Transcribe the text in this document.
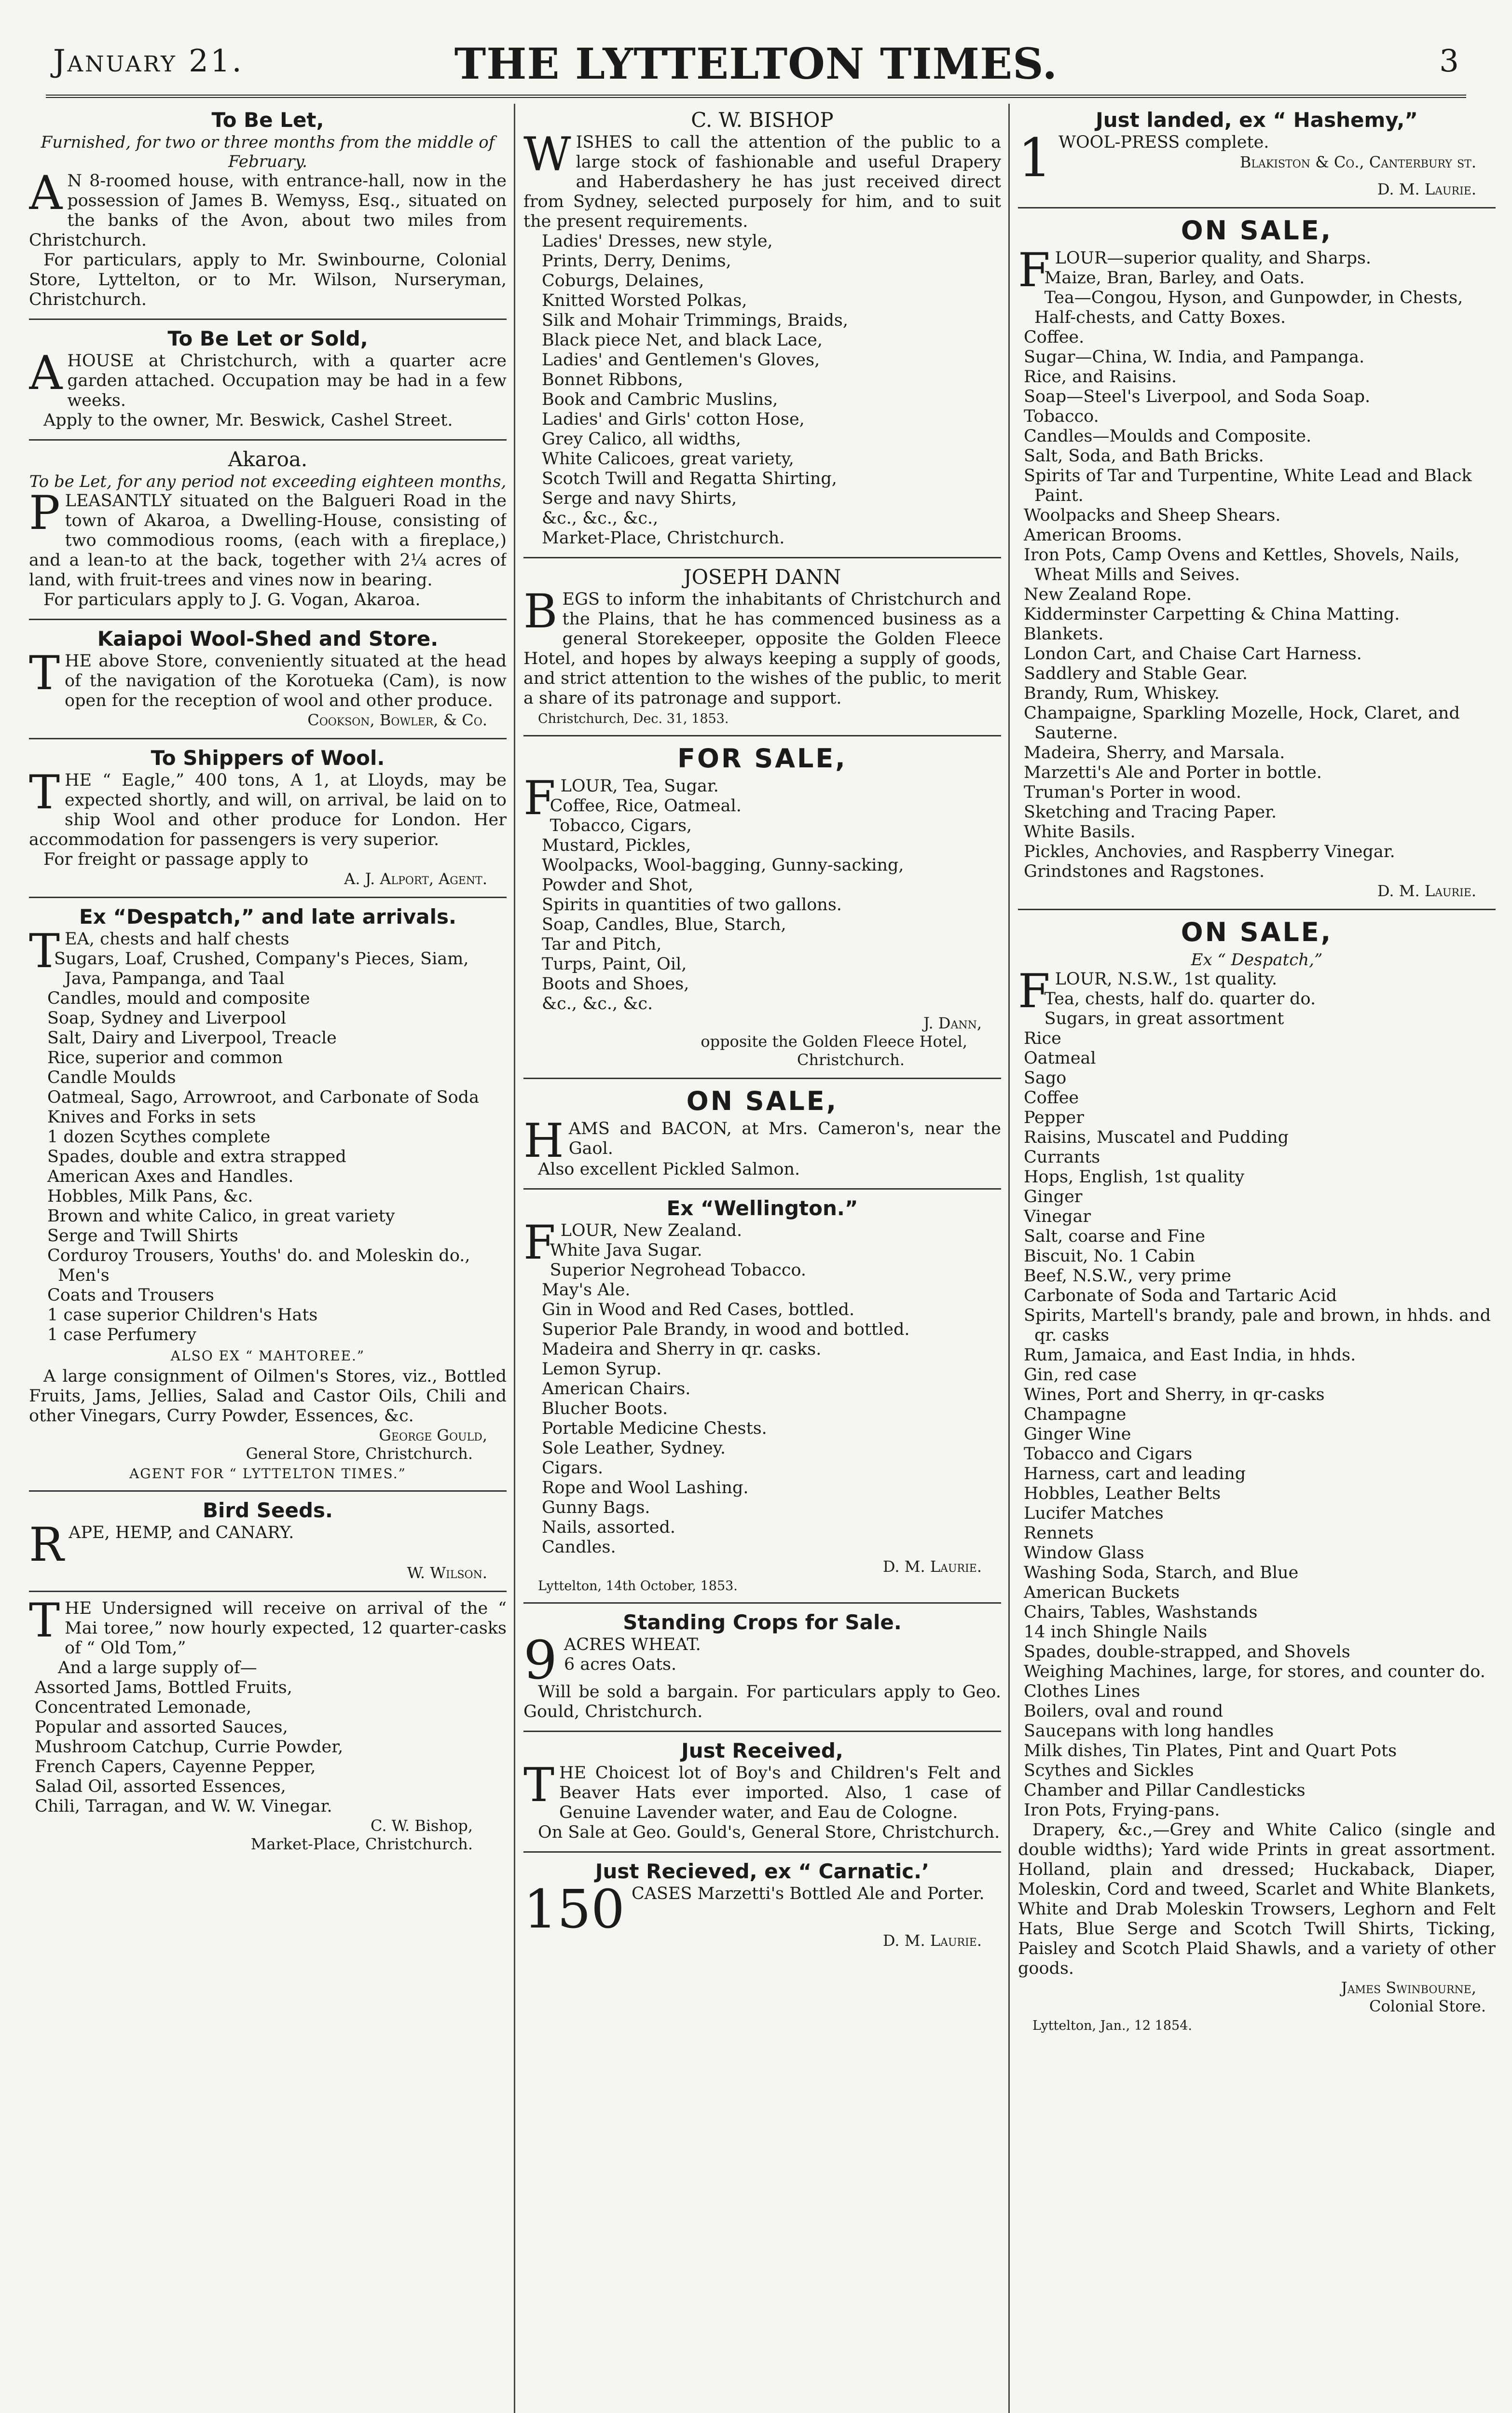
January 21.	THE LYTTELTON TIMES.	3
To Be Let,
Furnished, for two or three months from the middle of February.

A N 8-roomed house, with entrance-hall, now in the possession of James B. Wemyss, Esq., situated on the banks of the Avon, about two miles from Christchurch.

For particulars, apply to Mr. Swinbourne, Colonial Store, Lyttelton, or to Mr. Wilson, Nurseryman, Christchurch.

To Be Let or Sold,

AHOUSE at Christchurch, with a quarter acre garden attached. Occupation may be had in a few weeks.

Apply to the owner, Mr. Beswick, Cashel Street.

Akaroa.
To be Let, for any period not exceeding eighteen months,

PLEASANTLY situated on the Balgueri Road in the town of Akaroa, a Dwelling-House, consisting of two commodious rooms, (each with a fireplace,) and a lean-to at the back, together with 2¼ acres of land, with fruit-trees and vines now in bearing.

For particulars apply to J. G. Vogan, Akaroa.

Kaiapoi Wool-Shed and Store.

THE above Store, conveniently situated at the head of the navigation of the Korotueka (Cam), is now open for the reception of wool and other produce.

Cookson, Bowler, & Co.
To Shippers of Wool.

THE “ Eagle,” 400 tons, A 1, at Lloyds, may be expected shortly, and will, on arrival, be laid on to ship Wool and other produce for London. Her accommodation for passengers is very superior.

For freight or passage apply to

A. J. Alport, Agent.
Ex “Despatch,” and late arrivals.

TEA, chests and half chests

Sugars, Loaf, Crushed, Company's Pieces, Siam, Java, Pampanga, and Taal
Candles, mould and composite
Soap, Sydney and Liverpool
Salt, Dairy and Liverpool, Treacle
Rice, superior and common
Candle Moulds
Oatmeal, Sago, Arrowroot, and Carbonate of Soda
Knives and Forks in sets
1 dozen Scythes complete
Spades, double and extra strapped
American Axes and Handles.
Hobbles, Milk Pans, &c.
Brown and white Calico, in great variety
Serge and Twill Shirts
Corduroy Trousers, Youths' do. and Moleskin do., Men's
Coats and Trousers
1 case superior Children's Hats
1 case Perfumery
ALSO EX “ MAHTOREE.”
A large consignment of Oilmen's Stores, viz., Bottled Fruits, Jams, Jellies, Salad and Castor Oils, Chili and other Vinegars, Curry Powder, Essences, &c.
George Gould,
General Store, Christchurch.
AGENT FOR “ LYTTELTON TIMES.”
Bird Seeds.

RAPE, HEMP, and CANARY.

W. Wilson.

THE Undersigned will receive on arrival of the “ Mai toree,” now hourly expected, 12 quarter-casks of “ Old Tom,”

And a large supply of—

Assorted Jams, Bottled Fruits,
Concentrated Lemonade,
Popular and assorted Sauces,
Mushroom Catchup, Currie Powder,
French Capers, Cayenne Pepper,
Salad Oil, assorted Essences,
Chili, Tarragan, and W. W. Vinegar.
C. W. Bishop,
Market-Place, Christchurch.
C. W. BISHOP

WISHES to call the attention of the public to a large stock of fashionable and useful Drapery and Haberdashery he has just received direct from Sydney, selected purposely for him, and to suit the present requirements.

Ladies' Dresses, new style,
Prints, Derry, Denims,
Coburgs, Delaines,
Knitted Worsted Polkas,
Silk and Mohair Trimmings, Braids,
Black piece Net, and black Lace,
Ladies' and Gentlemen's Gloves,
Bonnet Ribbons,
Book and Cambric Muslins,
Ladies' and Girls' cotton Hose,
Grey Calico, all widths,
White Calicoes, great variety,
Scotch Twill and Regatta Shirting,
Serge and navy Shirts,
&c., &c., &c.,
Market-Place, Christchurch.
JOSEPH DANN

BEGS to inform the inhabitants of Christchurch and the Plains, that he has commenced business as a general Storekeeper, opposite the Golden Fleece Hotel, and hopes by always keeping a supply of goods, and strict attention to the wishes of the public, to merit a share of its patronage and support.

Christchurch, Dec. 31, 1853.
FOR SALE,

FLOUR, Tea, Sugar.

Coffee, Rice, Oatmeal.
Tobacco, Cigars,
Mustard, Pickles,
Woolpacks, Wool-bagging, Gunny-sacking,
Powder and Shot,
Spirits in quantities of two gallons.
Soap, Candles, Blue, Starch,
Tar and Pitch,
Turps, Paint, Oil,
Boots and Shoes,
&c., &c., &c.
J. Dann,
opposite the Golden Fleece Hotel,
Christchurch.
ON SALE,

HAMS and BACON, at Mrs. Cameron's, near the Gaol.

Also excellent Pickled Salmon.

Ex “Wellington.”

FLOUR, New Zealand.

White Java Sugar.
Superior Negrohead Tobacco.
May's Ale.
Gin in Wood and Red Cases, bottled.
Superior Pale Brandy, in wood and bottled.
Madeira and Sherry in qr. casks.
Lemon Syrup.
American Chairs.
Blucher Boots.
Portable Medicine Chests.
Sole Leather, Sydney.
Cigars.
Rope and Wool Lashing.
Gunny Bags.
Nails, assorted.
Candles.
D. M. Laurie.
Lyttelton, 14th October, 1853.
Standing Crops for Sale.
9 ACRES WHEAT.

6 acres Oats.

Will be sold a bargain. For particulars apply to Geo. Gould, Christchurch.

Just Received,

THE Choicest lot of Boy's and Children's Felt and Beaver Hats ever imported. Also, 1 case of Genuine Lavender water, and Eau de Cologne.

On Sale at Geo. Gould's, General Store, Christchurch.

Just Recieved, ex “ Carnatic.’
150 CASES Marzetti's Bottled Ale and Porter.

D. M. Laurie.
Just landed, ex “ Hashemy,”
1 WOOL-PRESS complete.

Blakiston & Co., Canterbury st.

D. M. Laurie.
ON SALE,

FLOUR—superior quality, and Sharps.

Maize, Bran, Barley, and Oats.
Tea—Congou, Hyson, and Gunpowder, in Chests, Half-chests, and Catty Boxes.
Coffee.
Sugar—China, W. India, and Pampanga.
Rice, and Raisins.
Soap—Steel's Liverpool, and Soda Soap.
Tobacco.
Candles—Moulds and Composite.
Salt, Soda, and Bath Bricks.
Spirits of Tar and Turpentine, White Lead and Black Paint.
Woolpacks and Sheep Shears.
American Brooms.
Iron Pots, Camp Ovens and Kettles, Shovels, Nails, Wheat Mills and Seives.
New Zealand Rope.
Kidderminster Carpetting & China Matting.
Blankets.
London Cart, and Chaise Cart Harness.
Saddlery and Stable Gear.
Brandy, Rum, Whiskey.
Champaigne, Sparkling Mozelle, Hock, Claret, and Sauterne.
Madeira, Sherry, and Marsala.
Marzetti's Ale and Porter in bottle.
Truman's Porter in wood.
Sketching and Tracing Paper.
White Basils.
Pickles, Anchovies, and Raspberry Vinegar.
Grindstones and Ragstones.
D. M. Laurie.
ON SALE,
Ex “ Despatch,”

FLOUR, N.S.W., 1st quality.

Tea, chests, half do. quarter do.
Sugars, in great assortment
Rice
Oatmeal
Sago
Coffee
Pepper
Raisins, Muscatel and Pudding
Currants
Hops, English, 1st quality
Ginger
Vinegar
Salt, coarse and Fine
Biscuit, No. 1 Cabin
Beef, N.S.W., very prime
Carbonate of Soda and Tartaric Acid
Spirits, Martell's brandy, pale and brown, in hhds. and qr. casks
Rum, Jamaica, and East India, in hhds.
Gin, red case
Wines, Port and Sherry, in qr-casks
Champagne
Ginger Wine
Tobacco and Cigars
Harness, cart and leading
Hobbles, Leather Belts
Lucifer Matches
Rennets
Window Glass
Washing Soda, Starch, and Blue
American Buckets
Chairs, Tables, Washstands
14 inch Shingle Nails
Spades, double-strapped, and Shovels
Weighing Machines, large, for stores, and counter do.
Clothes Lines
Boilers, oval and round
Saucepans with long handles
Milk dishes, Tin Plates, Pint and Quart Pots
Scythes and Sickles
Chamber and Pillar Candlesticks
Iron Pots, Frying-pans.
Drapery, &c.,—Grey and White Calico (single and double widths); Yard wide Prints in great assortment. Holland, plain and dressed; Huckaback, Diaper, Moleskin, Cord and tweed, Scarlet and White Blankets, White and Drab Moleskin Trowsers, Leghorn and Felt Hats, Blue Serge and Scotch Twill Shirts, Ticking, Paisley and Scotch Plaid Shawls, and a variety of other goods.
James Swinbourne,
Colonial Store.
Lyttelton, Jan., 12 1854.
